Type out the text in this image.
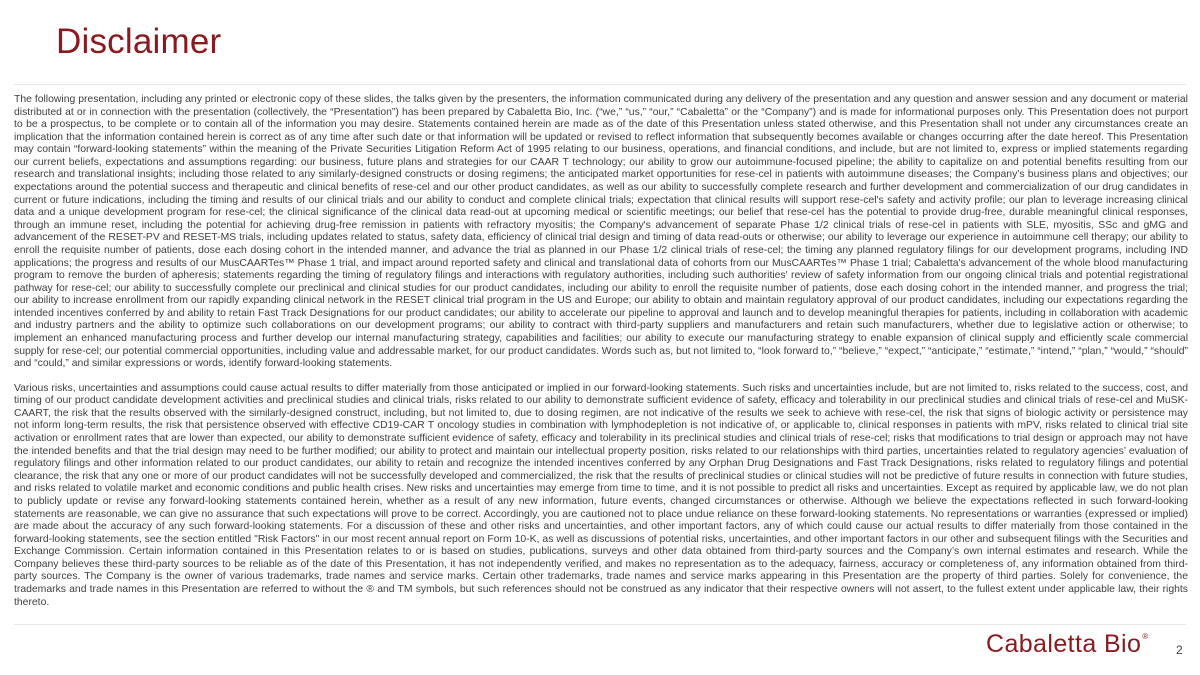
Disclaimer

The following presentation, including any printed or electronic copy of these slides, the talks given by the presenters, the information communicated during any delivery of the presentation and any question and answer session and any document or material distributed at or in connection with the presentation (collectively, the “Presentation”) has been prepared by Cabaletta Bio, Inc. (“we,” “us,” “our,” “Cabaletta” or the “Company”) and is made for informational purposes only. This Presentation does not purport to be a prospectus, to be complete or to contain all of the information you may desire. Statements contained herein are made as of the date of this Presentation unless stated otherwise, and this Presentation shall not under any circumstances create an implication that the information contained herein is correct as of any time after such date or that information will be updated or revised to reflect information that subsequently becomes available or changes occurring after the date hereof. This Presentation may contain “forward-looking statements” within the meaning of the Private Securities Litigation Reform Act of 1995 relating to our business, operations, and financial conditions, and include, but are not limited to, express or implied statements regarding our current beliefs, expectations and assumptions regarding: our business, future plans and strategies for our CAAR T technology; our ability to grow our autoimmune-focused pipeline; the ability to capitalize on and potential benefits resulting from our research and translational insights; including those related to any similarly-designed constructs or dosing regimens; the anticipated market opportunities for rese-cel in patients with autoimmune diseases; the Company’s business plans and objectives; our expectations around the potential success and therapeutic and clinical benefits of rese-cel and our other product candidates, as well as our ability to successfully complete research and further development and commercialization of our drug candidates in current or future indications, including the timing and results of our clinical trials and our ability to conduct and complete clinical trials; expectation that clinical results will support rese-cel's safety and activity profile; our plan to leverage increasing clinical data and a unique development program for rese-cel; the clinical significance of the clinical data read-out at upcoming medical or scientific meetings; our belief that rese-cel has the potential to provide drug-free, durable meaningful clinical responses, through an immune reset, including the potential for achieving drug-free remission in patients with refractory myositis; the Company's advancement of separate Phase 1/2 clinical trials of rese-cel in patients with SLE, myositis, SSc and gMG and advancement of the RESET-PV and RESET-MS trials, including updates related to status, safety data, efficiency of clinical trial design and timing of data read-outs or otherwise; our ability to leverage our experience in autoimmune cell therapy; our ability to enroll the requisite number of patients, dose each dosing cohort in the intended manner, and advance the trial as planned in our Phase 1/2 clinical trials of rese-cel; the timing any planned regulatory filings for our development programs, including IND applications; the progress and results of our MusCAARTes™ Phase 1 trial, and impact around reported safety and clinical and translational data of cohorts from our MusCAARTes™ Phase 1 trial; Cabaletta's advancement of the whole blood manufacturing program to remove the burden of apheresis; statements regarding the timing of regulatory filings and interactions with regulatory authorities, including such authorities' review of safety information from our ongoing clinical trials and potential registrational pathway for rese-cel; our ability to successfully complete our preclinical and clinical studies for our product candidates, including our ability to enroll the requisite number of patients, dose each dosing cohort in the intended manner, and progress the trial; our ability to increase enrollment from our rapidly expanding clinical network in the RESET clinical trial program in the US and Europe; our ability to obtain and maintain regulatory approval of our product candidates, including our expectations regarding the intended incentives conferred by and ability to retain Fast Track Designations for our product candidates; our ability to accelerate our pipeline to approval and launch and to develop meaningful therapies for patients, including in collaboration with academic and industry partners and the ability to optimize such collaborations on our development programs; our ability to contract with third-party suppliers and manufacturers and retain such manufacturers, whether due to legislative action or otherwise; to implement an enhanced manufacturing process and further develop our internal manufacturing strategy, capabilities and facilities; our ability to execute our manufacturing strategy to enable expansion of clinical supply and efficiently scale commercial supply for rese-cel; our potential commercial opportunities, including value and addressable market, for our product candidates. Words such as, but not limited to, “look forward to,” “believe,” “expect,” “anticipate,” “estimate,” “intend,” “plan,” “would,” “should” and “could,” and similar expressions or words, identify forward-looking statements.

Various risks, uncertainties and assumptions could cause actual results to differ materially from those anticipated or implied in our forward-looking statements. Such risks and uncertainties include, but are not limited to, risks related to the success, cost, and timing of our product candidate development activities and preclinical studies and clinical trials, risks related to our ability to demonstrate sufficient evidence of safety, efficacy and tolerability in our preclinical studies and clinical trials of rese-cel and MuSK-CAART, the risk that the results observed with the similarly-designed construct, including, but not limited to, due to dosing regimen, are not indicative of the results we seek to achieve with rese-cel, the risk that signs of biologic activity or persistence may not inform long-term results, the risk that persistence observed with effective CD19-CAR T oncology studies in combination with lymphodepletion is not indicative of, or applicable to, clinical responses in patients with mPV, risks related to clinical trial site activation or enrollment rates that are lower than expected, our ability to demonstrate sufficient evidence of safety, efficacy and tolerability in its preclinical studies and clinical trials of rese-cel; risks that modifications to trial design or approach may not have the intended benefits and that the trial design may need to be further modified; our ability to protect and maintain our intellectual property position, risks related to our relationships with third parties, uncertainties related to regulatory agencies’ evaluation of regulatory filings and other information related to our product candidates, our ability to retain and recognize the intended incentives conferred by any Orphan Drug Designations and Fast Track Designations, risks related to regulatory filings and potential clearance, the risk that any one or more of our product candidates will not be successfully developed and commercialized, the risk that the results of preclinical studies or clinical studies will not be predictive of future results in connection with future studies, and risks related to volatile market and economic conditions and public health crises. New risks and uncertainties may emerge from time to time, and it is not possible to predict all risks and uncertainties. Except as required by applicable law, we do not plan to publicly update or revise any forward-looking statements contained herein, whether as a result of any new information, future events, changed circumstances or otherwise. Although we believe the expectations reflected in such forward-looking statements are reasonable, we can give no assurance that such expectations will prove to be correct. Accordingly, you are cautioned not to place undue reliance on these forward-looking statements. No representations or warranties (expressed or implied) are made about the accuracy of any such forward-looking statements. For a discussion of these and other risks and uncertainties, and other important factors, any of which could cause our actual results to differ materially from those contained in the forward-looking statements, see the section entitled "Risk Factors" in our most recent annual report on Form 10-K, as well as discussions of potential risks, uncertainties, and other important factors in our other and subsequent filings with the Securities and Exchange Commission. Certain information contained in this Presentation relates to or is based on studies, publications, surveys and other data obtained from third-party sources and the Company’s own internal estimates and research. While the Company believes these third-party sources to be reliable as of the date of this Presentation, it has not independently verified, and makes no representation as to the adequacy, fairness, accuracy or completeness of, any information obtained from third-party sources. The Company is the owner of various trademarks, trade names and service marks. Certain other trademarks, trade names and service marks appearing in this Presentation are the property of third parties. Solely for convenience, the trademarks and trade names in this Presentation are referred to without the ® and TM symbols, but such references should not be construed as any indicator that their respective owners will not assert, to the fullest extent under applicable law, their rights thereto.

Cabaletta Bio®
2
